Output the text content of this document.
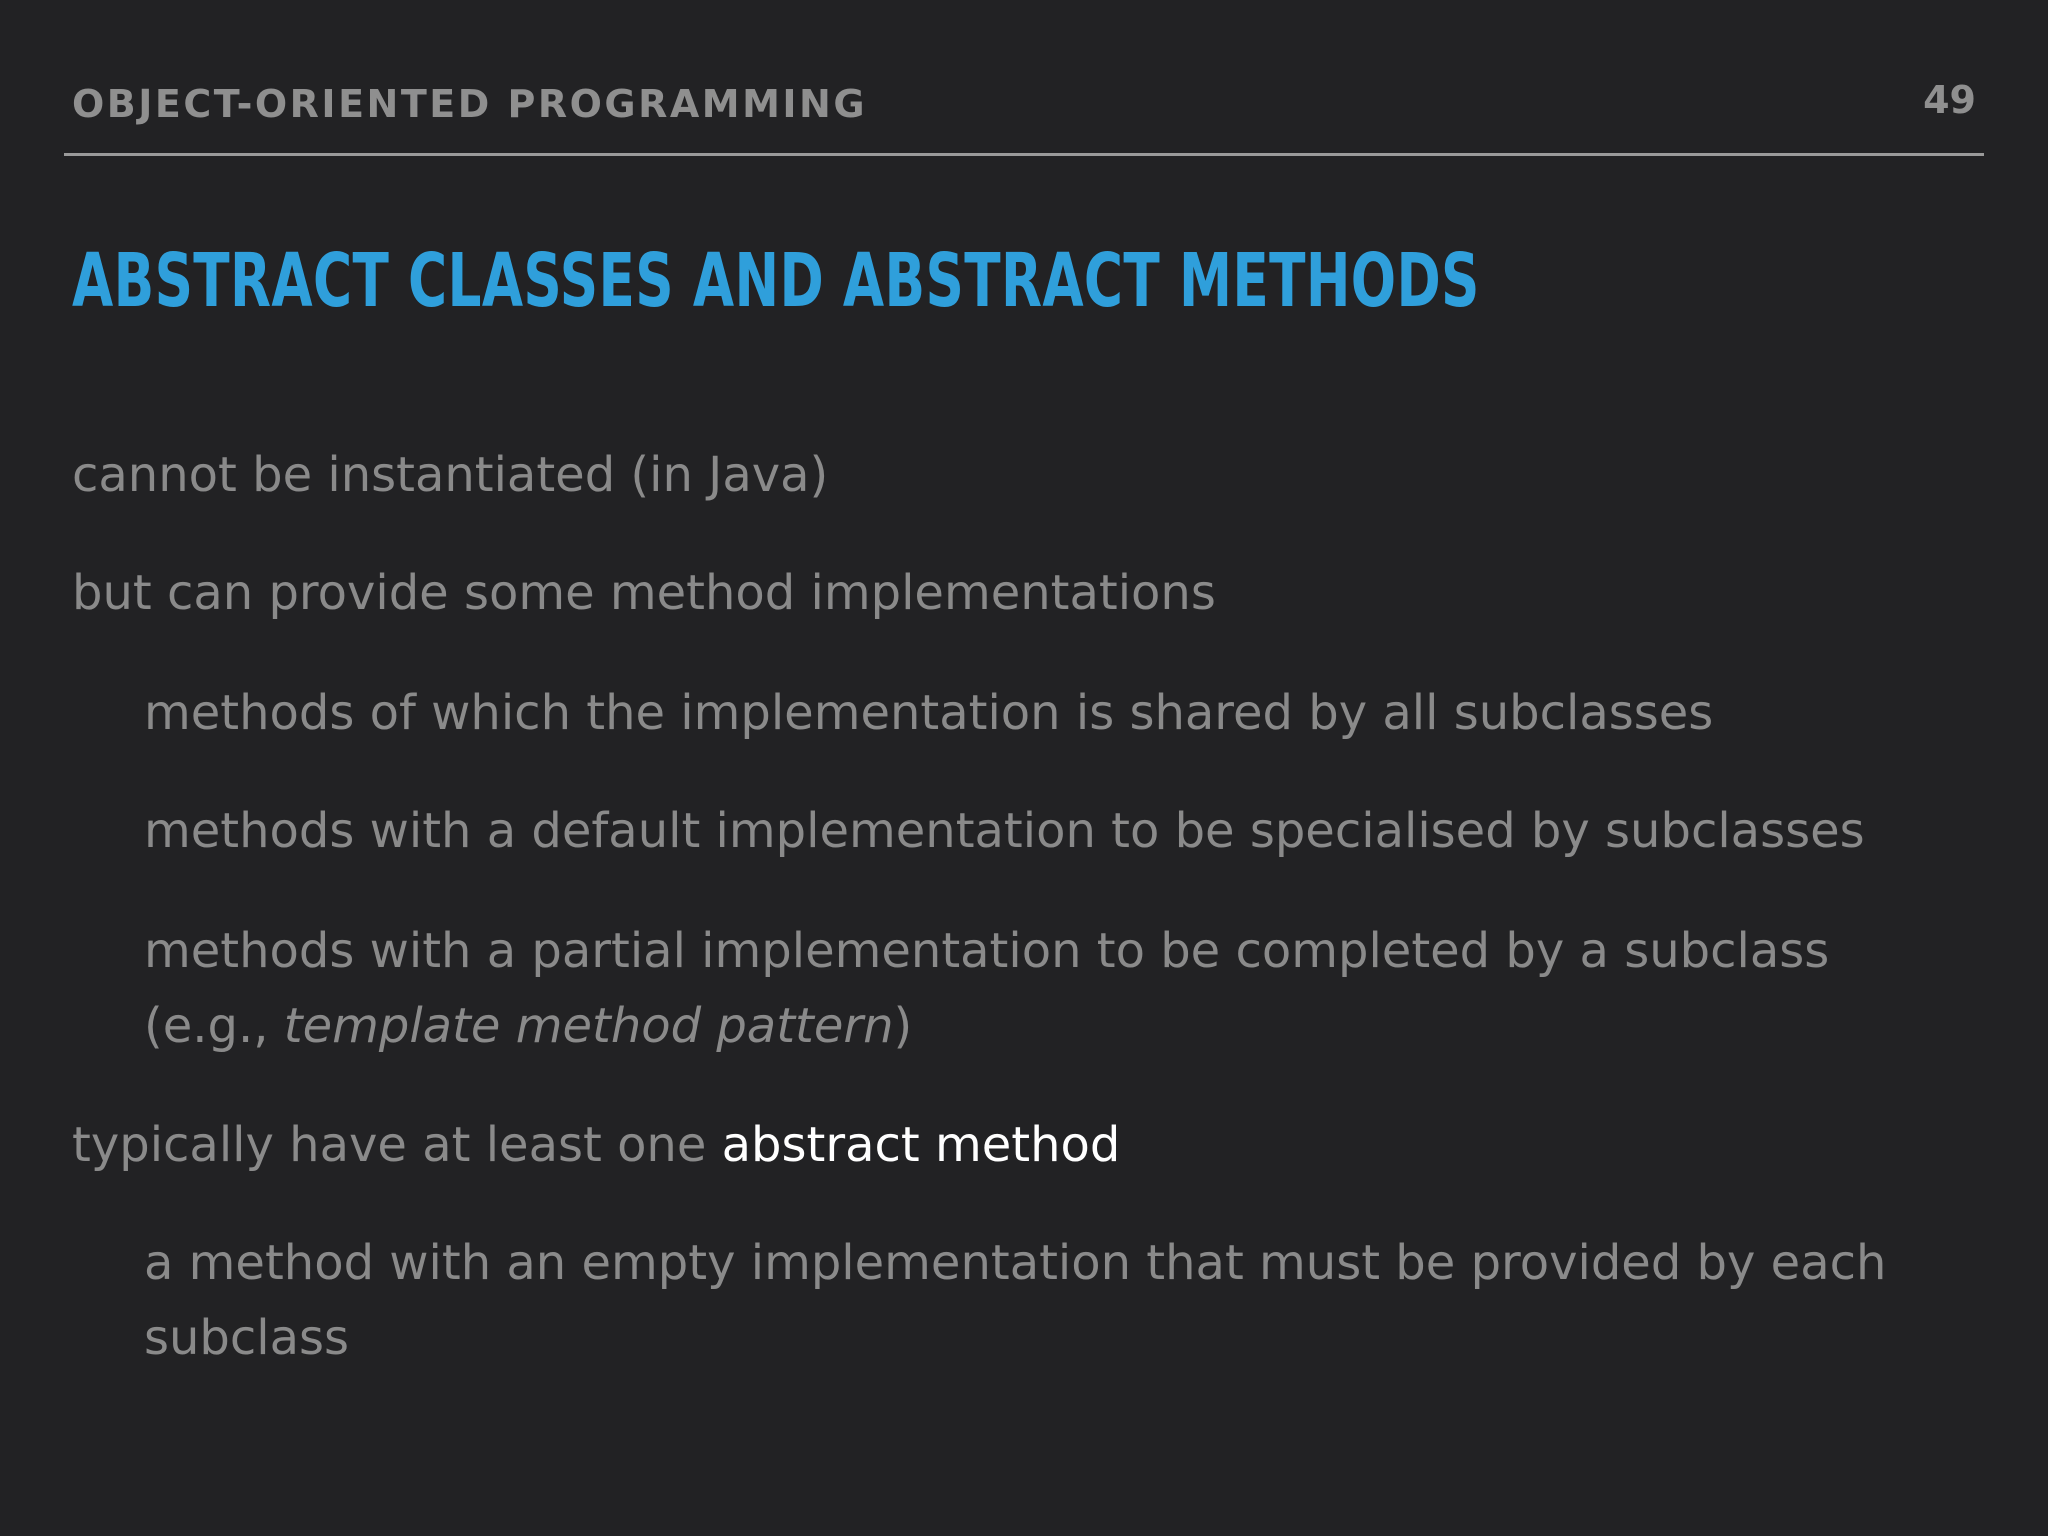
OBJECT-ORIENTED PROGRAMMING	49
ABSTRACT CLASSES AND ABSTRACT METHODS
cannot be instantiated (in Java)
but can provide some method implementations
methods of which the implementation is shared by all subclasses
methods with a default implementation to be specialised by subclasses
methods with a partial implementation to be completed by a subclass
(e.g., template method pattern)
typically have at least one abstract method
a method with an empty implementation that must be provided by each
subclass
